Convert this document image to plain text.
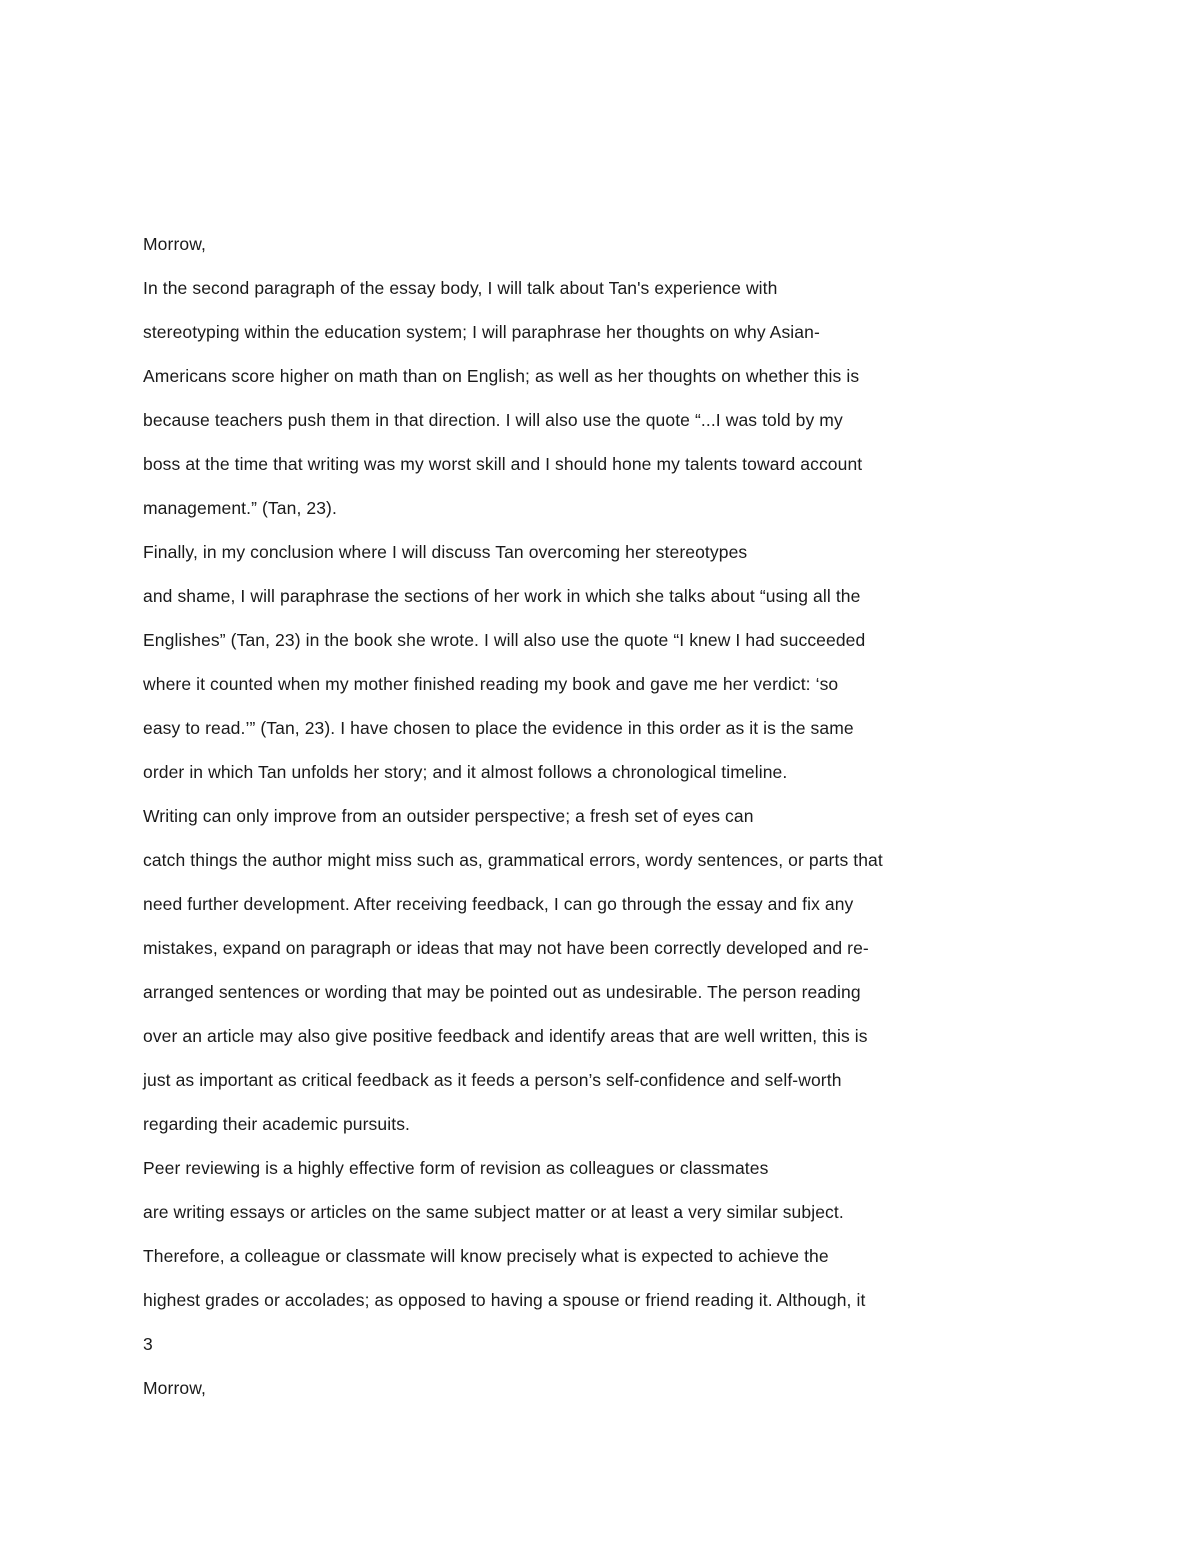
Morrow,
In the second paragraph of the essay body, I will talk about Tan's experience with
stereotyping within the education system; I will paraphrase her thoughts on why Asian-
Americans score higher on math than on English; as well as her thoughts on whether this is
because teachers push them in that direction. I will also use the quote “...I was told by my
boss at the time that writing was my worst skill and I should hone my talents toward account
management.” (Tan, 23).
Finally, in my conclusion where I will discuss Tan overcoming her stereotypes
and shame, I will paraphrase the sections of her work in which she talks about “using all the
Englishes” (Tan, 23) in the book she wrote. I will also use the quote “I knew I had succeeded
where it counted when my mother finished reading my book and gave me her verdict: ‘so
easy to read.’” (Tan, 23). I have chosen to place the evidence in this order as it is the same
order in which Tan unfolds her story; and it almost follows a chronological timeline.
Writing can only improve from an outsider perspective; a fresh set of eyes can
catch things the author might miss such as, grammatical errors, wordy sentences, or parts that
need further development. After receiving feedback, I can go through the essay and fix any
mistakes, expand on paragraph or ideas that may not have been correctly developed and re-
arranged sentences or wording that may be pointed out as undesirable. The person reading
over an article may also give positive feedback and identify areas that are well written, this is
just as important as critical feedback as it feeds a person’s self-confidence and self-worth
regarding their academic pursuits.
Peer reviewing is a highly effective form of revision as colleagues or classmates
are writing essays or articles on the same subject matter or at least a very similar subject.
Therefore, a colleague or classmate will know precisely what is expected to achieve the
highest grades or accolades; as opposed to having a spouse or friend reading it. Although, it
3
Morrow,
